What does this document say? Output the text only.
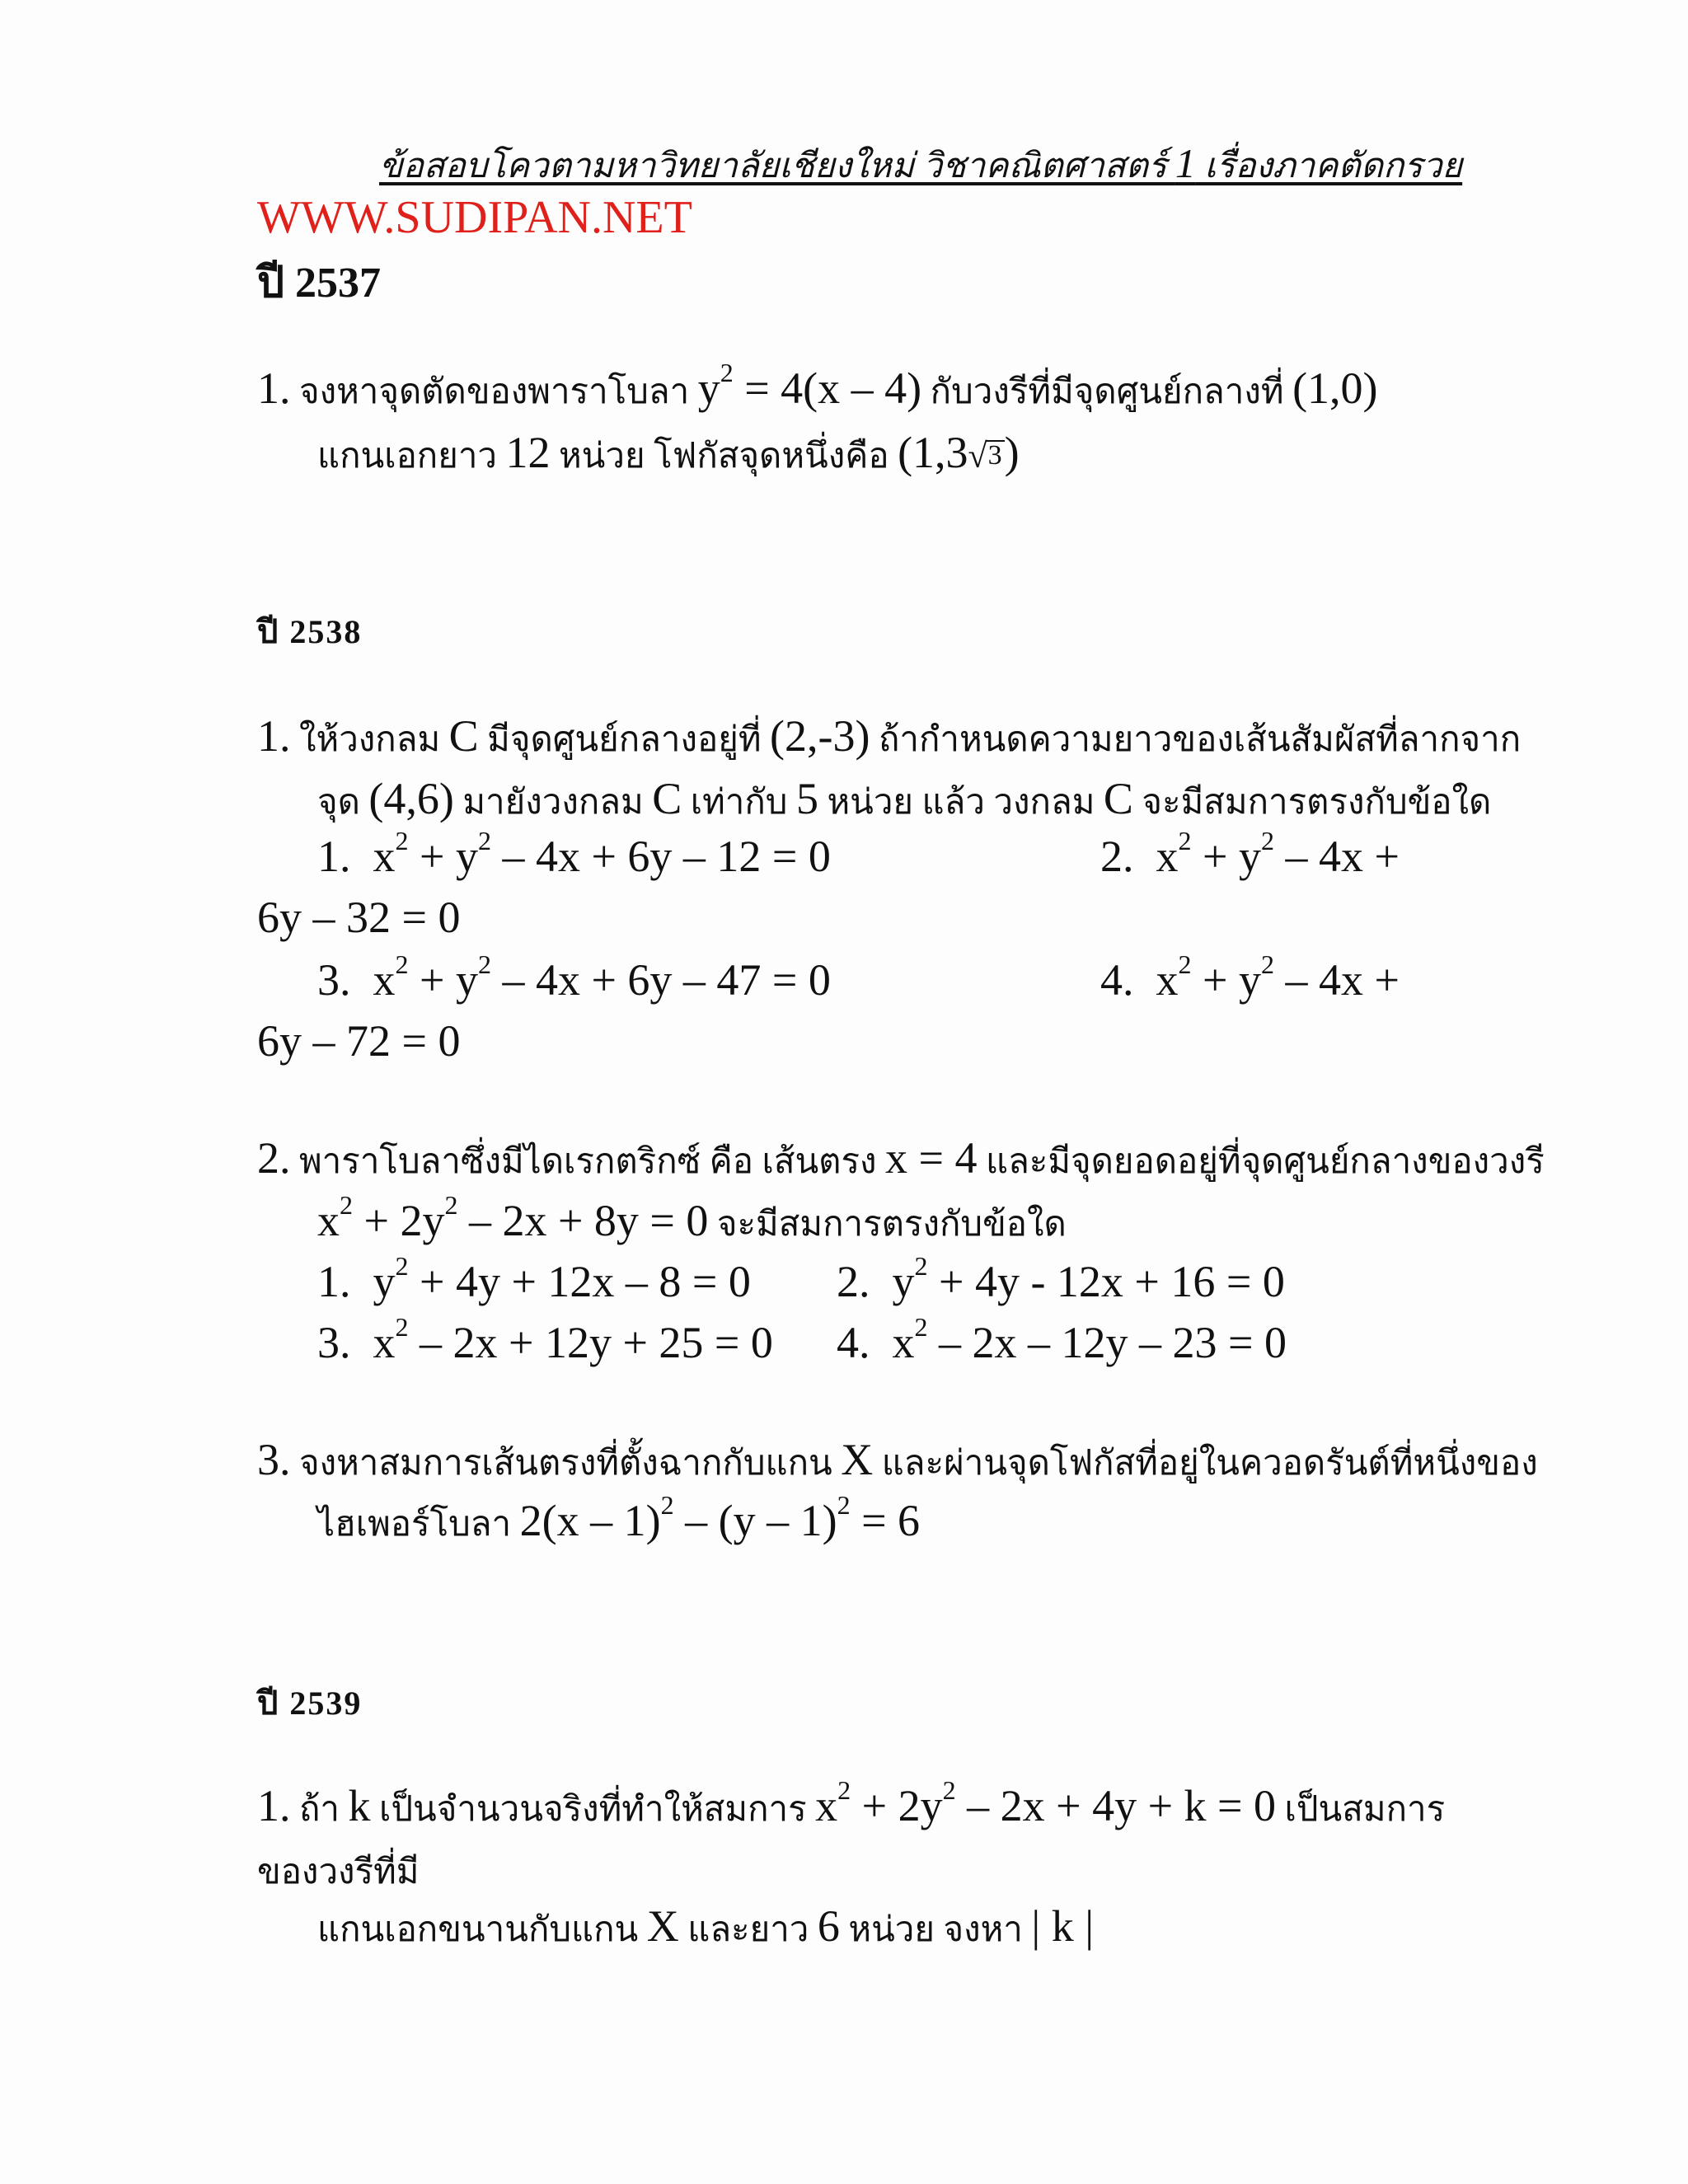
ข้อสอบโควตามหาวิทยาลัยเชียงใหม่ วิชาคณิตศาสตร์ 1 เรื่องภาคตัดกรวย
WWW.SUDIPAN.NET
ปี 2537
1. จงหาจุดตัดของพาราโบลา $y^2 = 4(x - 4)$ กับวงรีที่มีจุดศูนย์กลางที่ (1,0)
แกนเอกยาว 12 หน่วย โฟกัสจุดหนึ่งคือ (1,3√3)
ปี 2538
1. ให้วงกลม C มีจุดศูนย์กลางอยู่ที่ (2,-3) ถ้ากำหนดความยาวของเส้นสัมผัสที่ลากจาก
จุด (4,6) มายังวงกลม C เท่ากับ 5 หน่วย แล้ว วงกลม C จะมีสมการตรงกับข้อใด
1. $x^2 + y^2 - 4x + 6y - 12 = 0$	2. $x^2 + y^2 - 4x$ +
6y – 32 = 0
3. $x^2 + y^2 - 4x + 6y - 47 = 0$	4. $x^2 + y^2 - 4x$ +
6y – 72 = 0
2. พาราโบลาซึ่งมีไดเรกตริกซ์ คือ เส้นตรง x = 4 และมีจุดยอดอยู่ที่จุดศูนย์กลางของวงรี
$x^2 + 2y^2 - 2x + 8y = 0$ จะมีสมการตรงกับข้อใด
1. $y^2 + 4y + 12x - 8 = 0$ 2. $y^2 + 4y - 12x + 16 = 0$
3. $x^2 - 2x + 12y + 25 = 0$ 4. $x^2 - 2x - 12y - 23 = 0$
3. จงหาสมการเส้นตรงที่ตั้งฉากกับแกน X และผ่านจุดโฟกัสที่อยู่ในควอดรันต์ที่หนึ่งของ
ไฮเพอร์โบลา 2(x – 1)$^2$ – (y – 1)$^2$ = 6
ปี 2539
1. ถ้า k เป็นจำนวนจริงที่ทำให้สมการ $x^2 + 2y^2 - 2x + 4y + k = 0$ เป็นสมการ
ของวงรีที่มี
แกนเอกขนานกับแกน X และยาว 6 หน่วย จงหา | k |
